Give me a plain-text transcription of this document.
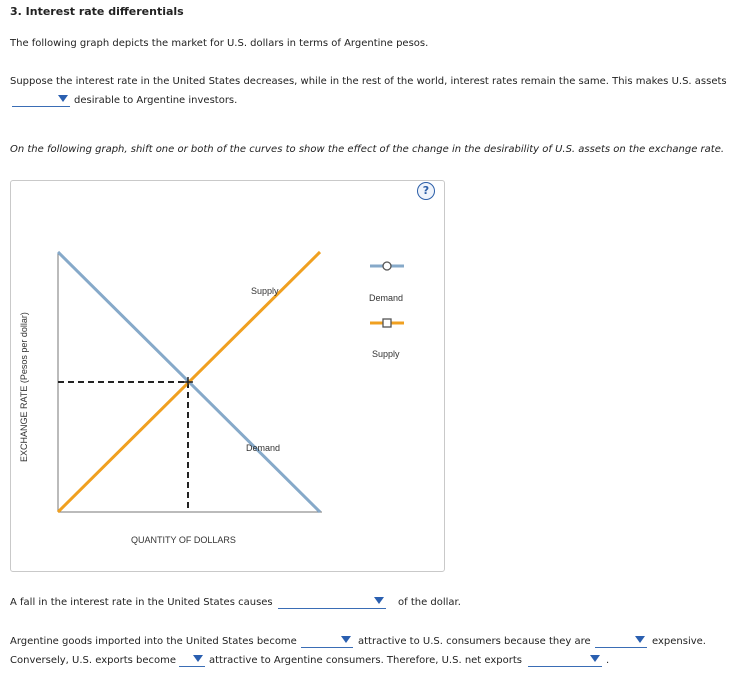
3. Interest rate differentials
The following graph depicts the market for U.S. dollars in terms of Argentine pesos.
Suppose the interest rate in the United States decreases, while in the rest of the world, interest rates remain the same. This makes U.S. assets
desirable to Argentine investors.
On the following graph, shift one or both of the curves to show the effect of the change in the desirability of U.S. assets on the exchange rate.
?
Supply
Demand
QUANTITY OF DOLLARS
EXCHANGE RATE (Pesos per dollar)
Demand
Supply
A fall in the interest rate in the United States causes	of the dollar.
Argentine goods imported into the United States become	attractive to U.S. consumers because they are	expensive.
Conversely, U.S. exports become	attractive to Argentine consumers. Therefore, U.S. net exports	.
